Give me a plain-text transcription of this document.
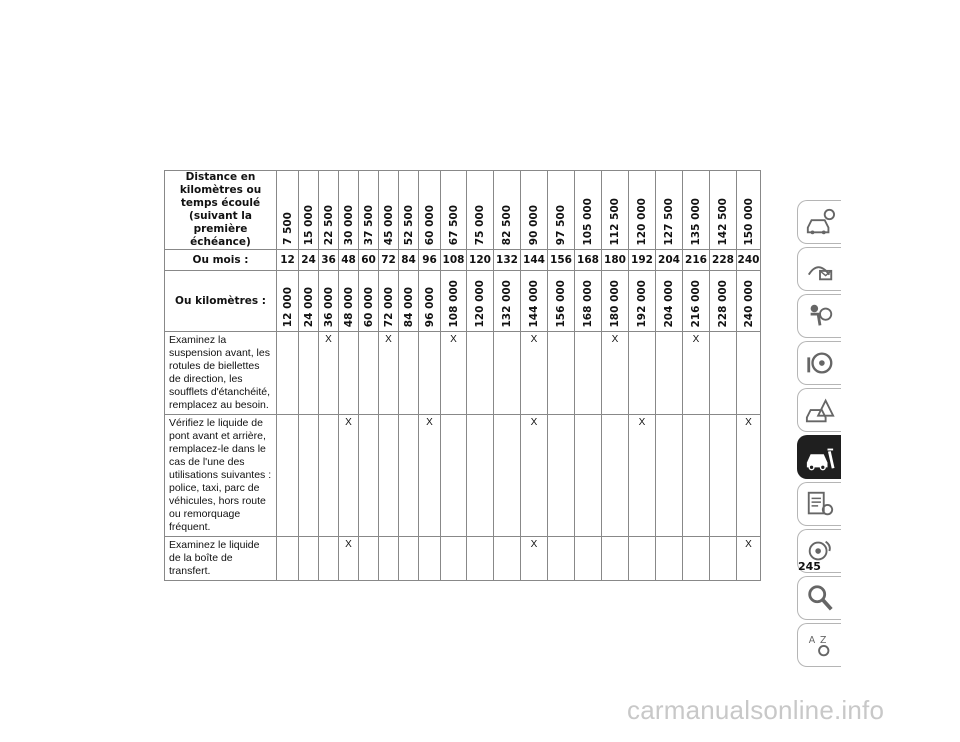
Distance en kilomètres ou temps écoulé (suivant la première échéance)	7 500	15 000	22 500	30 000	37 500	45 000	52 500	60 000	67 500	75 000	82 500	90 000	97 500	105 000	112 500	120 000	127 500	135 000	142 500	150 000

Ou mois :	12	24	36	48	60	72	84	96	108	120	132	144	156	168	180	192	204	216	228	240
Ou kilomètres :	12 000	24 000	36 000	48 000	60 000	72 000	84 000	96 000	108 000	120 000	132 000	144 000	156 000	168 000	180 000	192 000	204 000	216 000	228 000	240 000

Examinez la suspension avant, les rotules de biellettes de direction, les soufflets d'étanchéité, remplacez au besoin.			X			X			X			X			X			X		
Vérifiez le liquide de pont avant et arrière, remplacez-le dans le cas de l'une des utilisations suivantes : police, taxi, parc de véhicules, hors route ou remorquage fréquent.				X				X				X				X				X
Examinez le liquide de la boîte de transfert.				X								X								X
A Z
245
carmanualsonline.info
